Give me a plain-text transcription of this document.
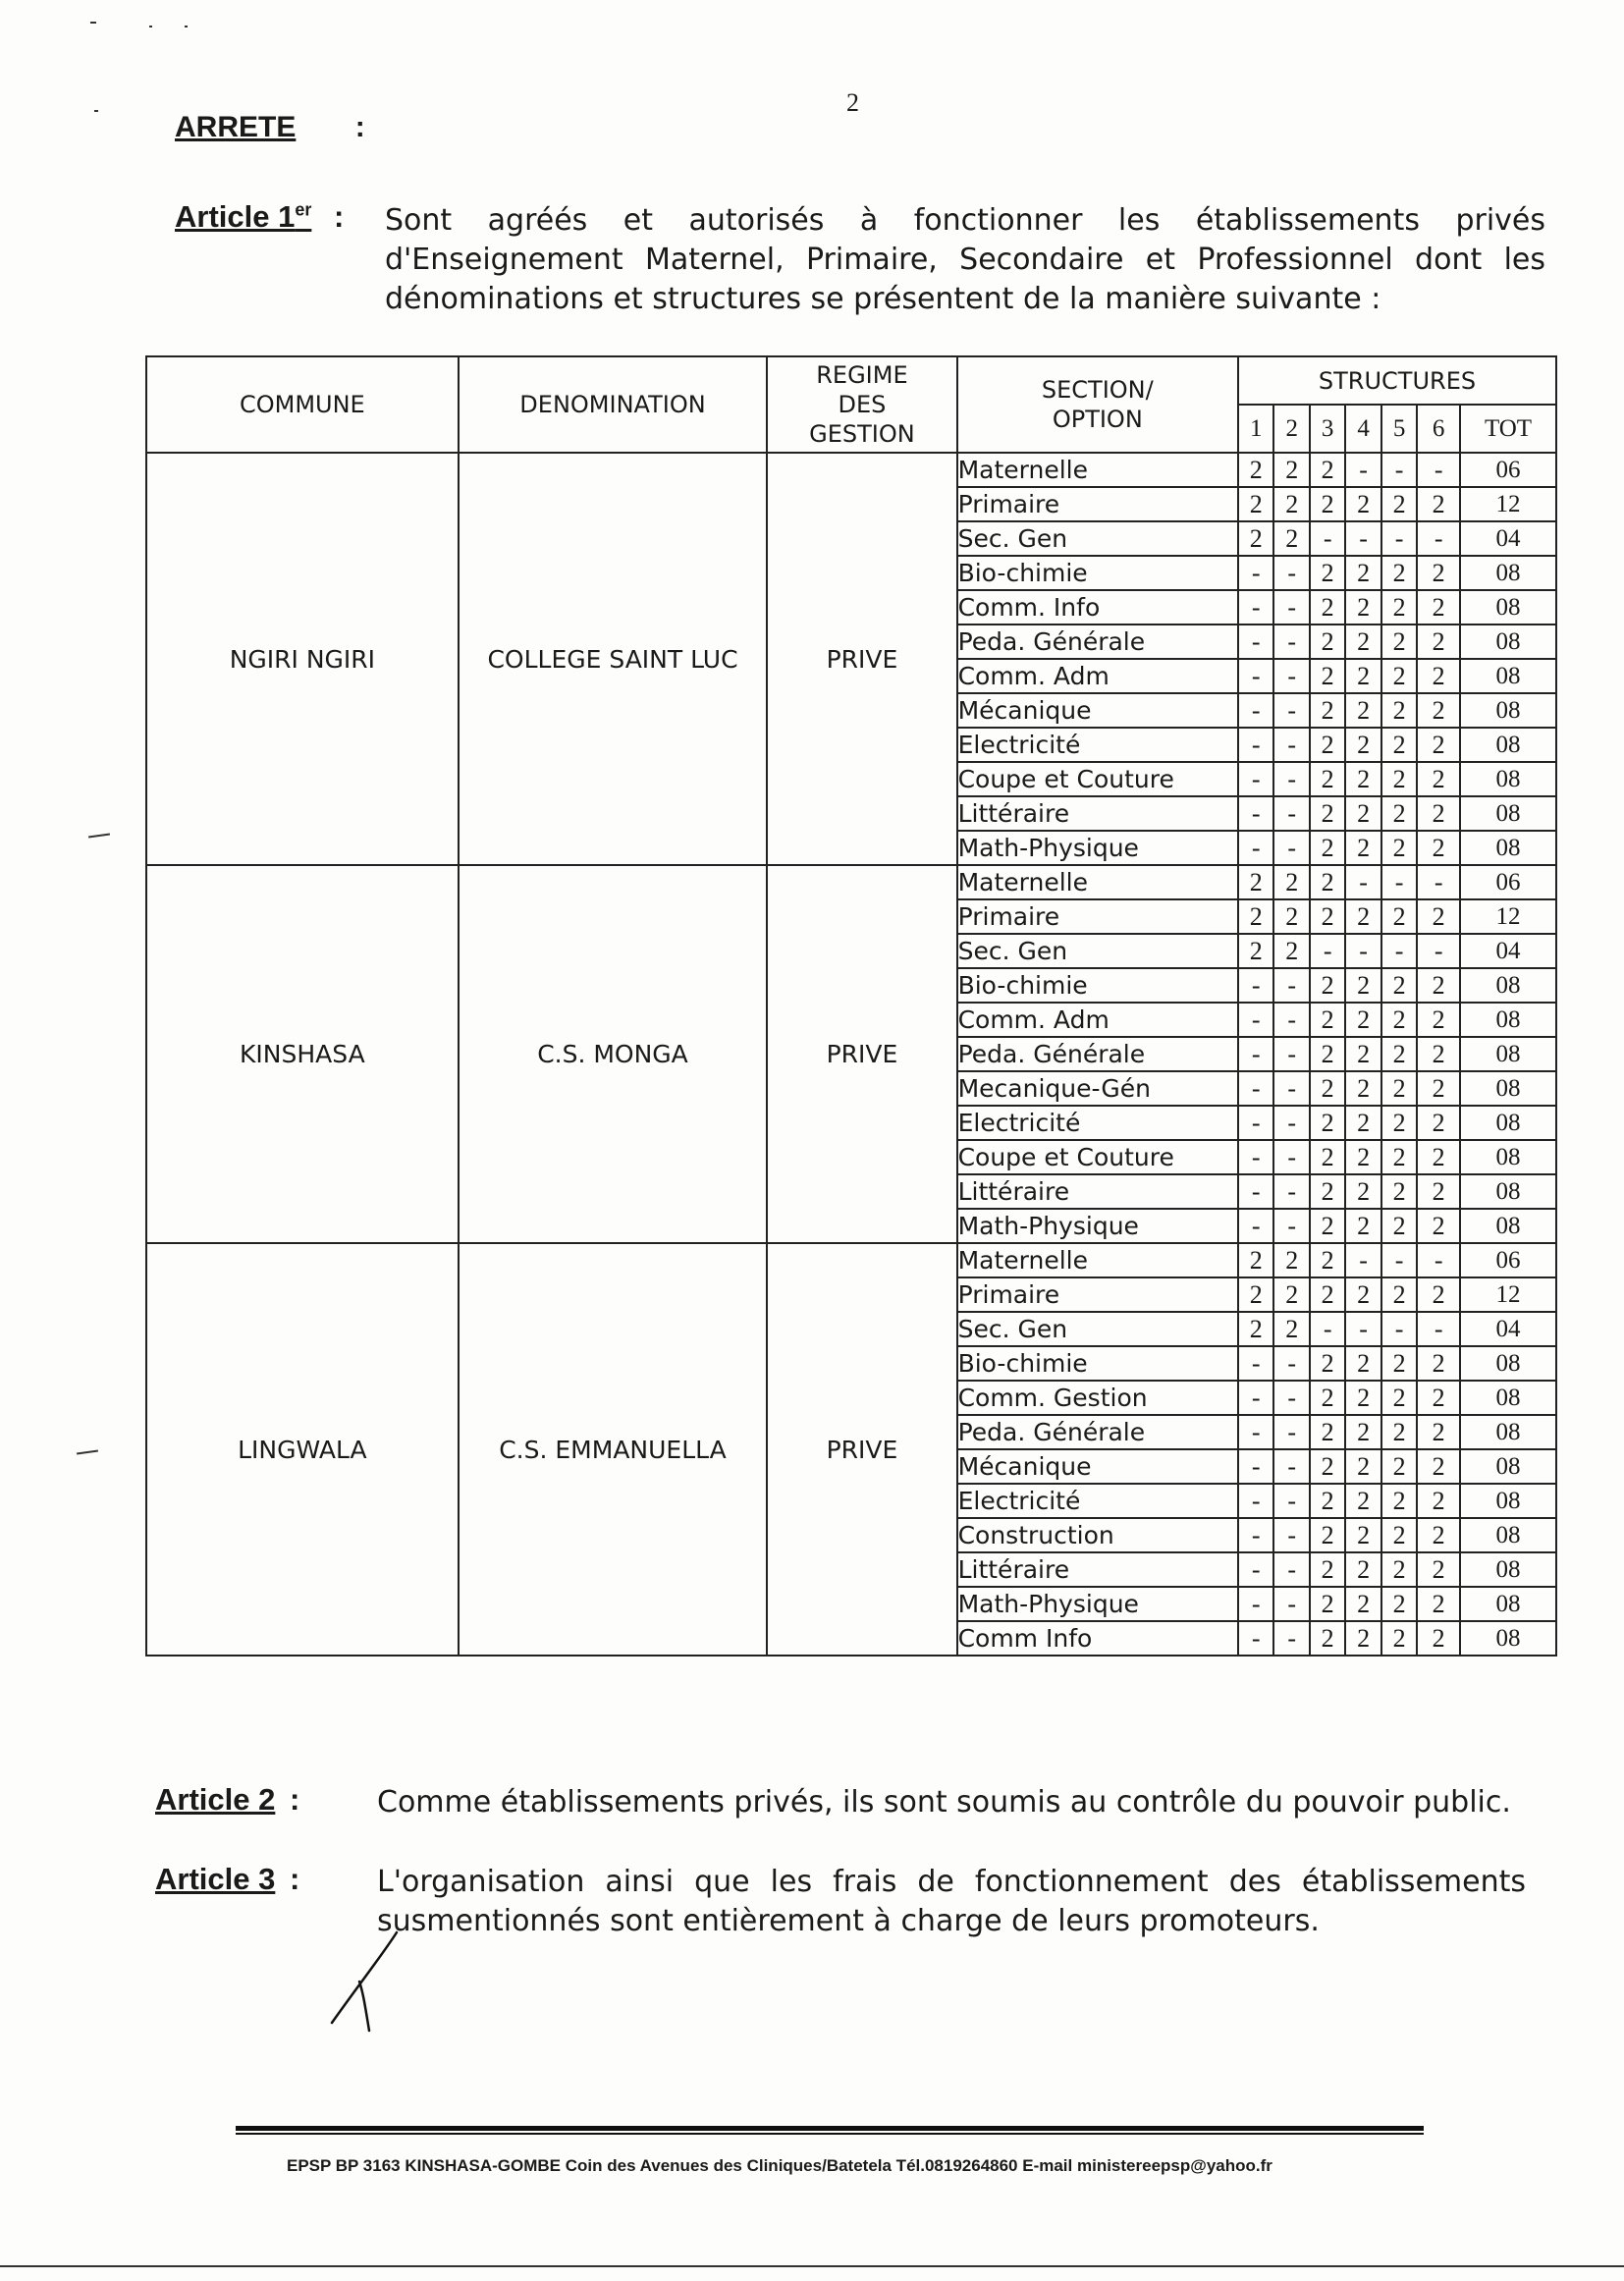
2
ARRETE :
Article 1er : Sont agréés et autorisés à fonctionner les établissements privés d'Enseignement Maternel, Primaire, Secondaire et Professionnel dont les dénominations et structures se présentent de la manière suivante :
COMMUNE	DENOMINATION	REGIME DES GESTION	SECTION/ OPTION	STRUCTURES						
				1	2	3	4	5	6	TOT
NGIRI NGIRI	COLLEGE SAINT LUC	PRIVE	Maternelle	2	2	2	-	-	-	06
			Primaire	2	2	2	2	2	2	12
			Sec. Gen	2	2	-	-	-	-	04
			Bio-chimie	-	-	2	2	2	2	08
			Comm. Info	-	-	2	2	2	2	08
			Peda. Générale	-	-	2	2	2	2	08
			Comm. Adm	-	-	2	2	2	2	08
			Mécanique	-	-	2	2	2	2	08
			Electricité	-	-	2	2	2	2	08
			Coupe et Couture	-	-	2	2	2	2	08
			Littéraire	-	-	2	2	2	2	08
			Math-Physique	-	-	2	2	2	2	08
KINSHASA	C.S. MONGA	PRIVE	Maternelle	2	2	2	-	-	-	06
			Primaire	2	2	2	2	2	2	12
			Sec. Gen	2	2	-	-	-	-	04
			Bio-chimie	-	-	2	2	2	2	08
			Comm. Adm	-	-	2	2	2	2	08
			Peda. Générale	-	-	2	2	2	2	08
			Mecanique-Gén	-	-	2	2	2	2	08
			Electricité	-	-	2	2	2	2	08
			Coupe et Couture	-	-	2	2	2	2	08
			Littéraire	-	-	2	2	2	2	08
			Math-Physique	-	-	2	2	2	2	08
LINGWALA	C.S. EMMANUELLA	PRIVE	Maternelle	2	2	2	-	-	-	06
			Primaire	2	2	2	2	2	2	12
			Sec. Gen	2	2	-	-	-	-	04
			Bio-chimie	-	-	2	2	2	2	08
			Comm. Gestion	-	-	2	2	2	2	08
			Peda. Générale	-	-	2	2	2	2	08
			Mécanique	-	-	2	2	2	2	08
			Electricité	-	-	2	2	2	2	08
			Construction	-	-	2	2	2	2	08
			Littéraire	-	-	2	2	2	2	08
			Math-Physique	-	-	2	2	2	2	08
			Comm Info	-	-	2	2	2	2	08
Article 2 :	Comme établissements privés, ils sont soumis au contrôle du pouvoir public.
Article 3 :	L'organisation ainsi que les frais de fonctionnement des établissements susmentionnés sont entièrement à charge de leurs promoteurs.
EPSP BP 3163 KINSHASA-GOMBE Coin des Avenues des Cliniques/Batetela Tél.0819264860 E-mail ministereepsp@yahoo.fr
